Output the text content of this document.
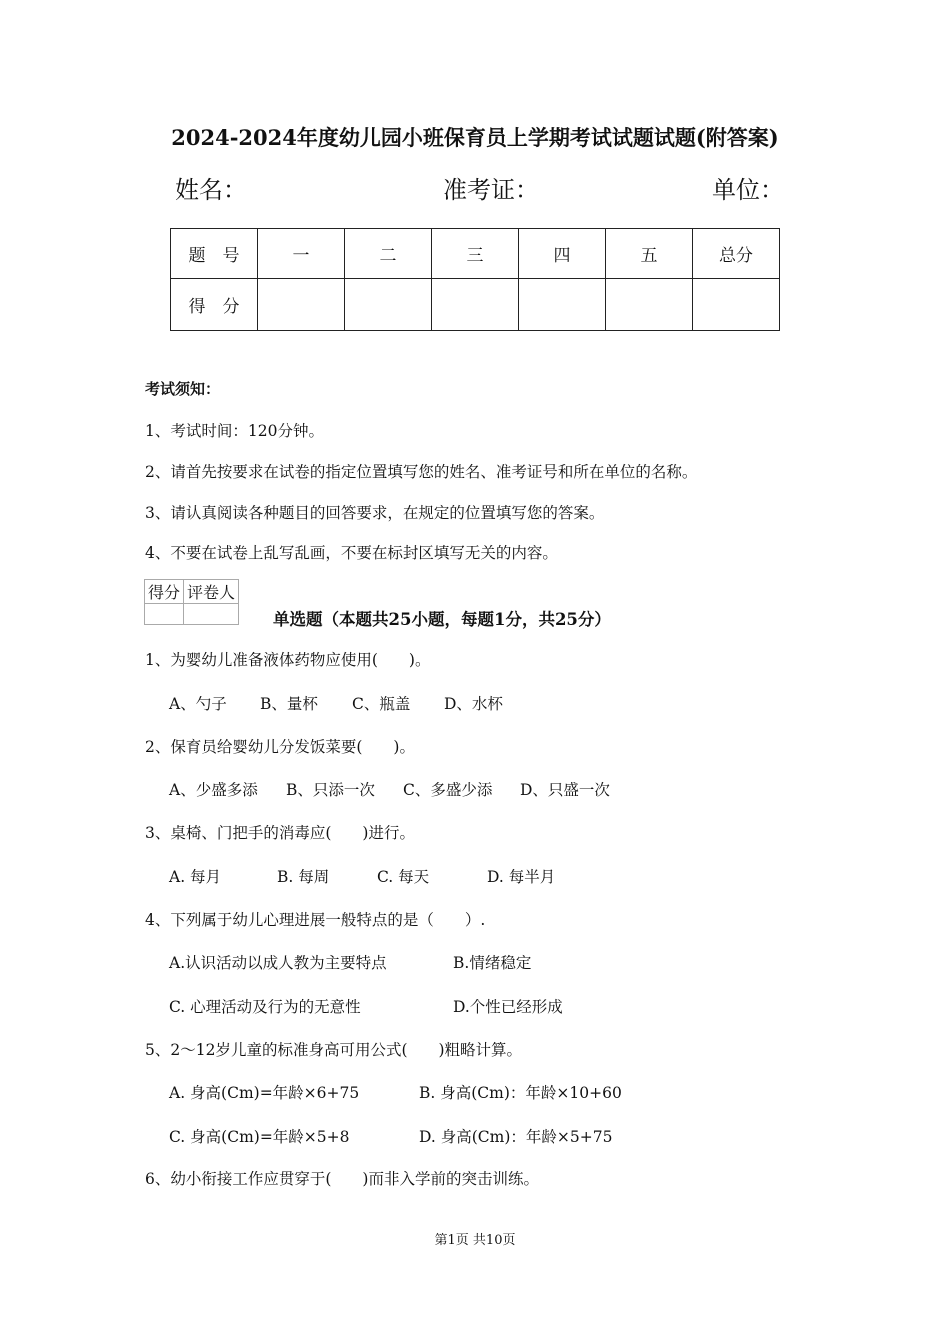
2024-2024年度幼儿园小班保育员上学期考试试题试题(附答案)
姓名：	准考证：	单位：
题　号	一	二	三	四	五	总分
得　分						
考试须知：
1、考试时间：120分钟。
2、请首先按要求在试卷的指定位置填写您的姓名、准考证号和所在单位的名称。
3、请认真阅读各种题目的回答要求，在规定的位置填写您的答案。
4、不要在试卷上乱写乱画，不要在标封区填写无关的内容。
得分	评卷人

单选题（本题共25小题，每题1分，共25分）
1、为婴幼儿准备液体药物应使用(　　)。
A、勺子 B、量杯 C、瓶盖 D、水杯
2、保育员给婴幼儿分发饭菜要(　　)。
A、少盛多添 B、只添一次 C、多盛少添 D、只盛一次
3、桌椅、门把手的消毒应(　　)进行。
A. 每月	B. 每周	C. 每天	D. 每半月
4、下列属于幼儿心理进展一般特点的是（　　）.
A.认识活动以成人教为主要特点	B.情绪稳定
C. 心理活动及行为的无意性	D.个性已经形成
5、2～12岁儿童的标准身高可用公式(　　)粗略计算。
A. 身高(Cm)=年龄×6+75	B. 身高(Cm)：年龄×10+60
C. 身高(Cm)=年龄×5+8	D. 身高(Cm)：年龄×5+75
6、幼小衔接工作应贯穿于(　　)而非入学前的突击训练。
第1页 共10页
